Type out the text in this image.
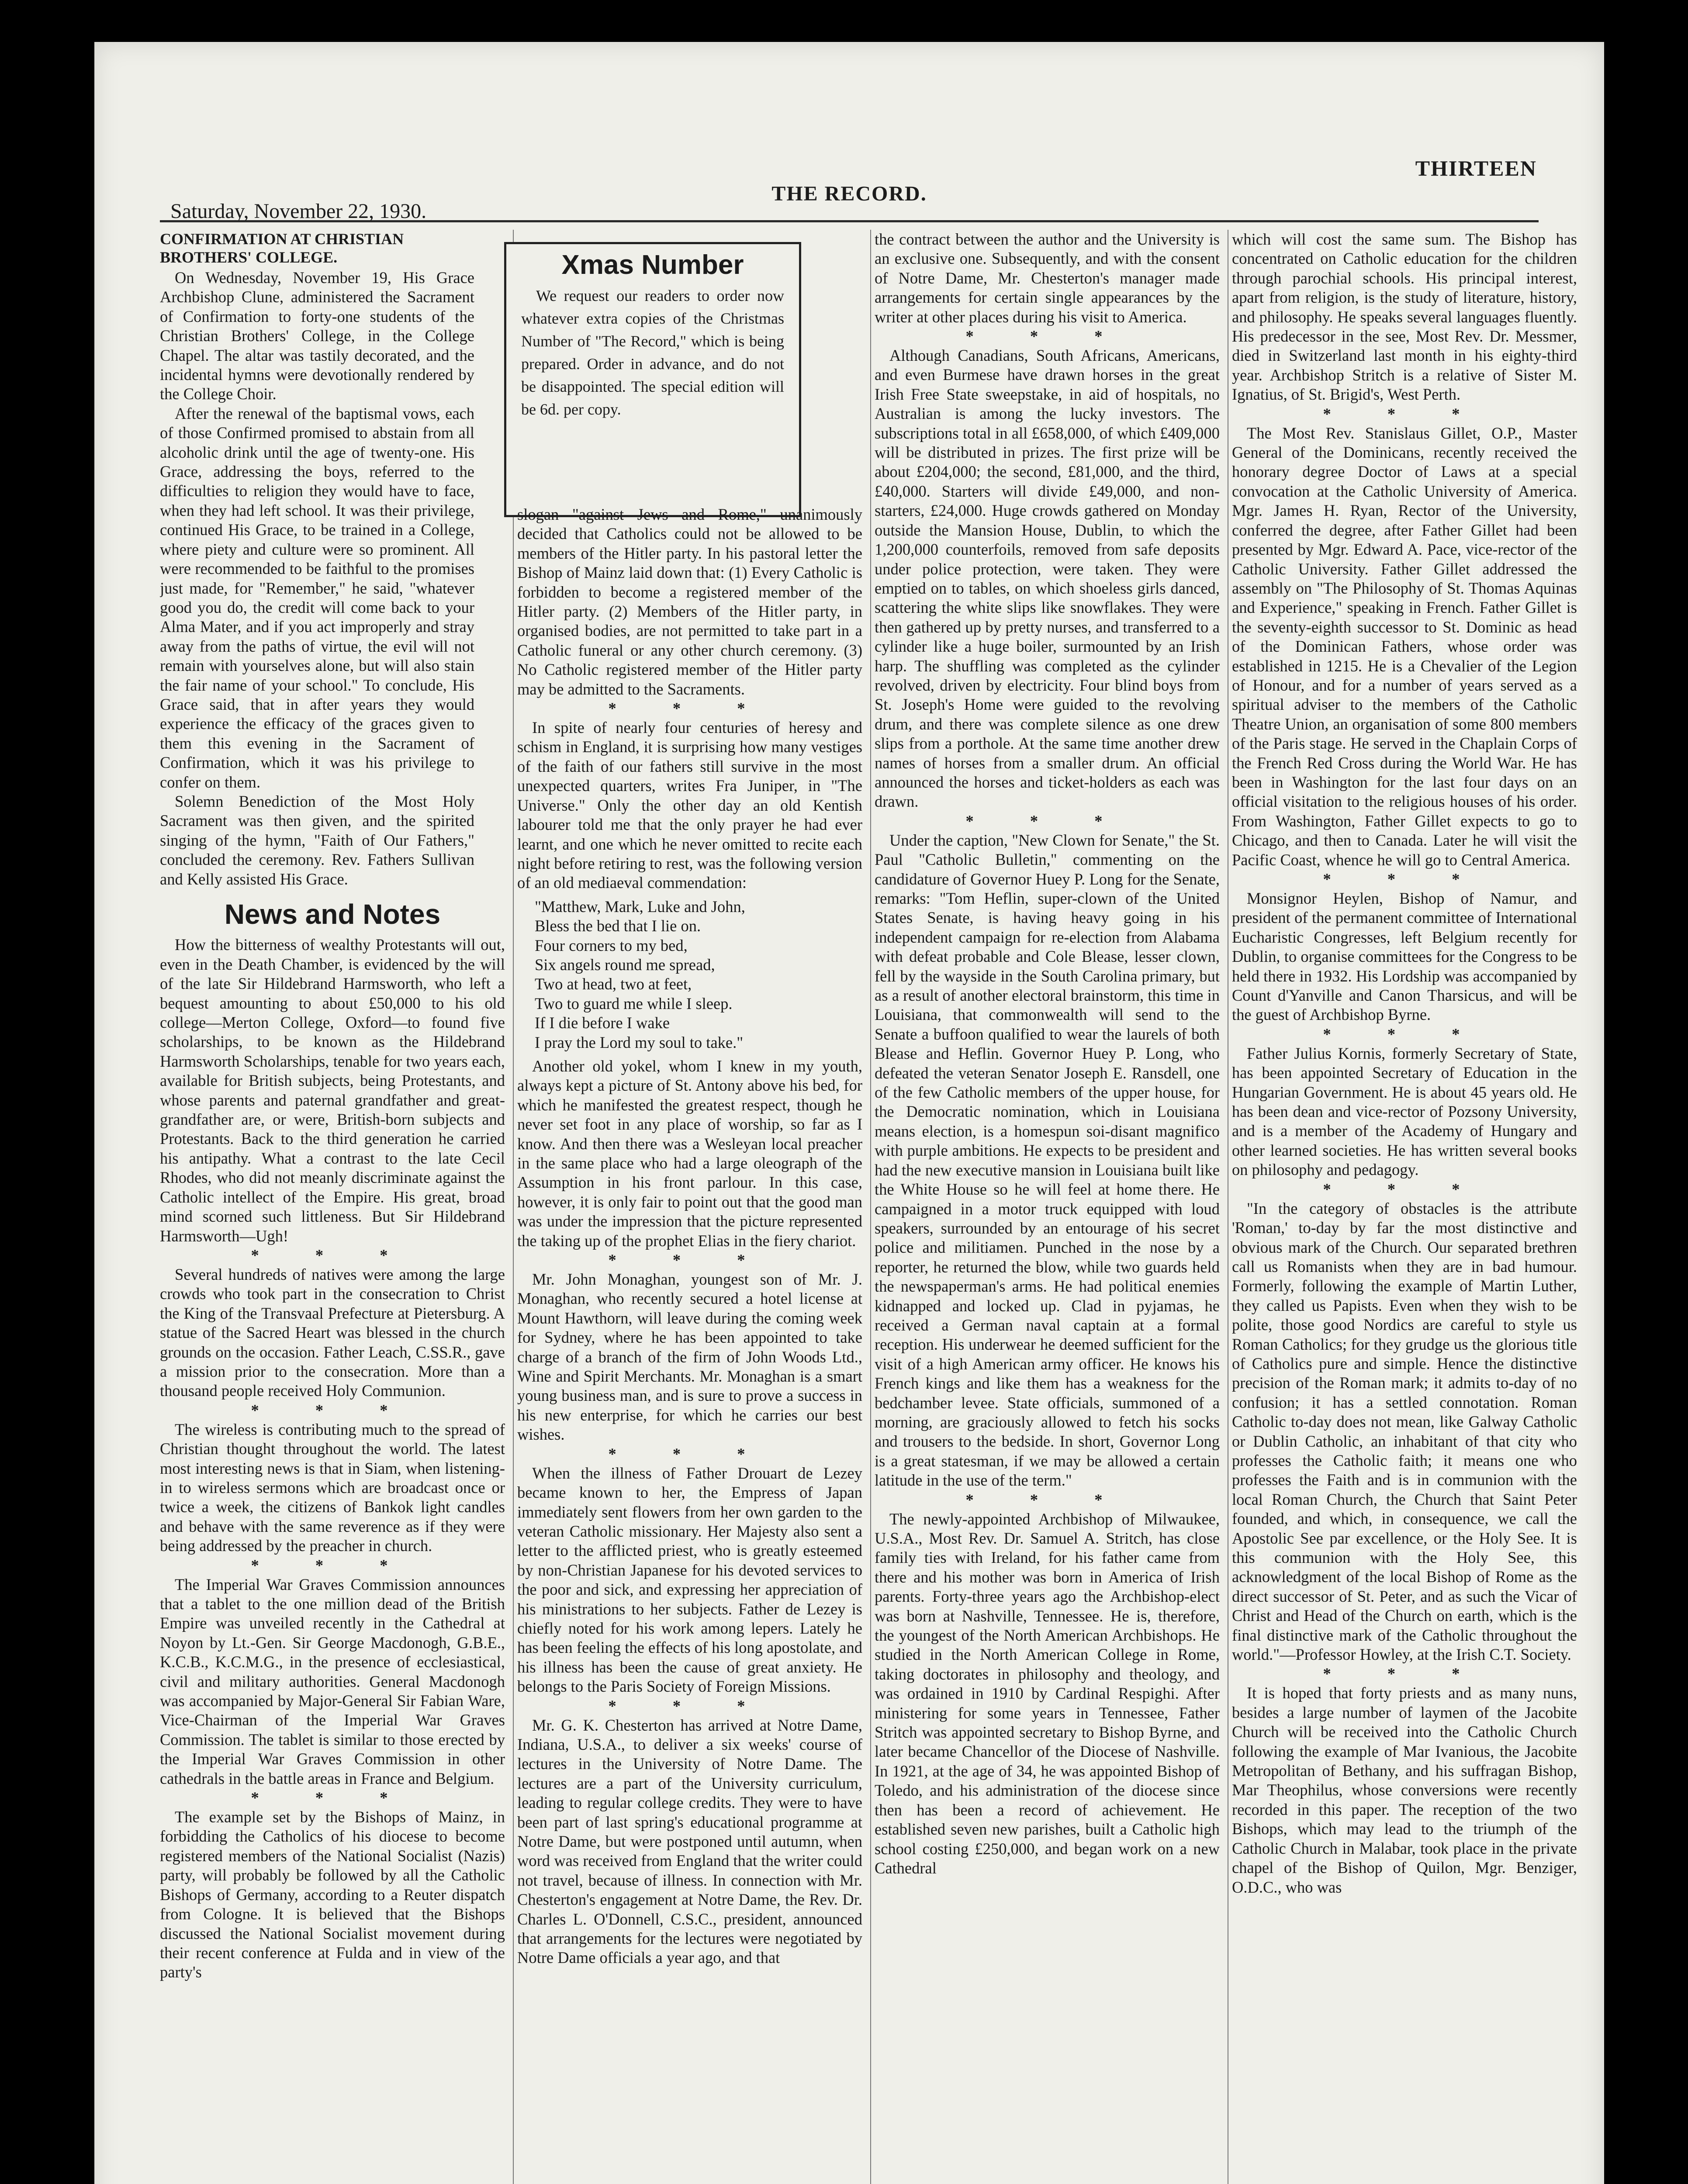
THIRTEEN
THE RECORD.
Saturday, November 22, 1930.
CONFIRMATION AT CHRISTIAN BROTHERS' COLLEGE.

On Wednesday, November 19, His Grace Archbishop Clune, administered the Sacrament of Confirmation to forty-one students of the Christian Brothers' College, in the College Chapel. The altar was tastily decorated, and the incidental hymns were devotionally rendered by the College Choir.

After the renewal of the baptismal vows, each of those Confirmed promised to abstain from all alcoholic drink until the age of twenty-one. His Grace, addressing the boys, referred to the difficulties to religion they would have to face, when they had left school. It was their privilege, continued His Grace, to be trained in a College, where piety and culture were so prominent. All were recommended to be faithful to the promises just made, for "Remember," he said, "whatever good you do, the credit will come back to your Alma Mater, and if you act improperly and stray away from the paths of virtue, the evil will not remain with yourselves alone, but will also stain the fair name of your school." To conclude, His Grace said, that in after years they would experience the efficacy of the graces given to them this evening in the Sacrament of Confirmation, which it was his privilege to confer on them.

Solemn Benediction of the Most Holy Sacrament was then given, and the spirited singing of the hymn, "Faith of Our Fathers," concluded the ceremony. Rev. Fathers Sullivan and Kelly assisted His Grace.

News and Notes

How the bitterness of wealthy Protestants will out, even in the Death Chamber, is evidenced by the will of the late Sir Hildebrand Harmsworth, who left a bequest amounting to about £50,000 to his old college—Merton College, Oxford—to found five scholarships, to be known as the Hildebrand Harmsworth Scholarships, tenable for two years each, available for British subjects, being Protestants, and whose parents and paternal grandfather and great-grandfather are, or were, British-born subjects and Protestants. Back to the third generation he carried his antipathy. What a contrast to the late Cecil Rhodes, who did not meanly discriminate against the Catholic intellect of the Empire. His great, broad mind scorned such littleness. But Sir Hildebrand Harmsworth—Ugh!

* * *

Several hundreds of natives were among the large crowds who took part in the consecration to Christ the King of the Transvaal Prefecture at Pietersburg. A statue of the Sacred Heart was blessed in the church grounds on the occasion. Father Leach, C.SS.R., gave a mission prior to the consecration. More than a thousand people received Holy Communion.

* * *

The wireless is contributing much to the spread of Christian thought throughout the world. The latest most interesting news is that in Siam, when listening-in to wireless sermons which are broadcast once or twice a week, the citizens of Bankok light candles and behave with the same reverence as if they were being addressed by the preacher in church.

* * *

The Imperial War Graves Commission announces that a tablet to the one million dead of the British Empire was unveiled recently in the Cathedral at Noyon by Lt.-Gen. Sir George Macdonogh, G.B.E., K.C.B., K.C.M.G., in the presence of ecclesiastical, civil and military authorities. General Macdonogh was accompanied by Major-General Sir Fabian Ware, Vice-Chairman of the Imperial War Graves Commission. The tablet is similar to those erected by the Imperial War Graves Commission in other cathedrals in the battle areas in France and Belgium.

* * *

The example set by the Bishops of Mainz, in forbidding the Catholics of his diocese to become registered members of the National Socialist (Nazis) party, will probably be followed by all the Catholic Bishops of Germany, according to a Reuter dispatch from Cologne. It is believed that the Bishops discussed the National Socialist movement during their recent conference at Fulda and in view of the party's

Xmas Number
We request our readers to order now whatever extra copies of the Christmas Number of "The Record," which is being prepared. Order in advance, and do not be disappointed. The special edition will be 6d. per copy.

slogan "against Jews and Rome," unanimously decided that Catholics could not be allowed to be members of the Hitler party. In his pastoral letter the Bishop of Mainz laid down that: (1) Every Catholic is forbidden to become a registered member of the Hitler party. (2) Members of the Hitler party, in organised bodies, are not permitted to take part in a Catholic funeral or any other church ceremony. (3) No Catholic registered member of the Hitler party may be admitted to the Sacraments.

* * *

In spite of nearly four centuries of heresy and schism in England, it is surprising how many vestiges of the faith of our fathers still survive in the most unexpected quarters, writes Fra Juniper, in "The Universe." Only the other day an old Kentish labourer told me that the only prayer he had ever learnt, and one which he never omitted to recite each night before retiring to rest, was the following version of an old mediaeval commendation:

"Matthew, Mark, Luke and John,
Bless the bed that I lie on.
Four corners to my bed,
Six angels round me spread,
Two at head, two at feet,
Two to guard me while I sleep.
If I die before I wake
I pray the Lord my soul to take."

Another old yokel, whom I knew in my youth, always kept a picture of St. Antony above his bed, for which he manifested the greatest respect, though he never set foot in any place of worship, so far as I know. And then there was a Wesleyan local preacher in the same place who had a large oleograph of the Assumption in his front parlour. In this case, however, it is only fair to point out that the good man was under the impression that the picture represented the taking up of the prophet Elias in the fiery chariot.

* * *

Mr. John Monaghan, youngest son of Mr. J. Monaghan, who recently secured a hotel license at Mount Hawthorn, will leave during the coming week for Sydney, where he has been appointed to take charge of a branch of the firm of John Woods Ltd., Wine and Spirit Merchants. Mr. Monaghan is a smart young business man, and is sure to prove a success in his new enterprise, for which he carries our best wishes.

* * *

When the illness of Father Drouart de Lezey became known to her, the Empress of Japan immediately sent flowers from her own garden to the veteran Catholic missionary. Her Majesty also sent a letter to the afflicted priest, who is greatly esteemed by non-Christian Japanese for his devoted services to the poor and sick, and expressing her appreciation of his ministrations to her subjects. Father de Lezey is chiefly noted for his work among lepers. Lately he has been feeling the effects of his long apostolate, and his illness has been the cause of great anxiety. He belongs to the Paris Society of Foreign Missions.

* * *

Mr. G. K. Chesterton has arrived at Notre Dame, Indiana, U.S.A., to deliver a six weeks' course of lectures in the University of Notre Dame. The lectures are a part of the University curriculum, leading to regular college credits. They were to have been part of last spring's educational programme at Notre Dame, but were postponed until autumn, when word was received from England that the writer could not travel, because of illness. In connection with Mr. Chesterton's engagement at Notre Dame, the Rev. Dr. Charles L. O'Donnell, C.S.C., president, announced that arrangements for the lectures were negotiated by Notre Dame officials a year ago, and that

the contract between the author and the University is an exclusive one. Subsequently, and with the consent of Notre Dame, Mr. Chesterton's manager made arrangements for certain single appearances by the writer at other places during his visit to America.

* * *

Although Canadians, South Africans, Americans, and even Burmese have drawn horses in the great Irish Free State sweepstake, in aid of hospitals, no Australian is among the lucky investors. The subscriptions total in all £658,000, of which £409,000 will be distributed in prizes. The first prize will be about £204,000; the second, £81,000, and the third, £40,000. Starters will divide £49,000, and non-starters, £24,000. Huge crowds gathered on Monday outside the Mansion House, Dublin, to which the 1,200,000 counterfoils, removed from safe deposits under police protection, were taken. They were emptied on to tables, on which shoeless girls danced, scattering the white slips like snowflakes. They were then gathered up by pretty nurses, and transferred to a cylinder like a huge boiler, surmounted by an Irish harp. The shuffling was completed as the cylinder revolved, driven by electricity. Four blind boys from St. Joseph's Home were guided to the revolving drum, and there was complete silence as one drew slips from a porthole. At the same time another drew names of horses from a smaller drum. An official announced the horses and ticket-holders as each was drawn.

* * *

Under the caption, "New Clown for Senate," the St. Paul "Catholic Bulletin," commenting on the candidature of Governor Huey P. Long for the Senate, remarks: "Tom Heflin, super-clown of the United States Senate, is having heavy going in his independent campaign for re-election from Alabama with defeat probable and Cole Blease, lesser clown, fell by the wayside in the South Carolina primary, but as a result of another electoral brainstorm, this time in Louisiana, that commonwealth will send to the Senate a buffoon qualified to wear the laurels of both Blease and Heflin. Governor Huey P. Long, who defeated the veteran Senator Joseph E. Ransdell, one of the few Catholic members of the upper house, for the Democratic nomination, which in Louisiana means election, is a homespun soi-disant magnifico with purple ambitions. He expects to be president and had the new executive mansion in Louisiana built like the White House so he will feel at home there. He campaigned in a motor truck equipped with loud speakers, surrounded by an entourage of his secret police and militiamen. Punched in the nose by a reporter, he returned the blow, while two guards held the newspaperman's arms. He had political enemies kidnapped and locked up. Clad in pyjamas, he received a German naval captain at a formal reception. His underwear he deemed sufficient for the visit of a high American army officer. He knows his French kings and like them has a weakness for the bedchamber levee. State officials, summoned of a morning, are graciously allowed to fetch his socks and trousers to the bedside. In short, Governor Long is a great statesman, if we may be allowed a certain latitude in the use of the term."

* * *

The newly-appointed Archbishop of Milwaukee, U.S.A., Most Rev. Dr. Samuel A. Stritch, has close family ties with Ireland, for his father came from there and his mother was born in America of Irish parents. Forty-three years ago the Archbishop-elect was born at Nashville, Tennessee. He is, therefore, the youngest of the North American Archbishops. He studied in the North American College in Rome, taking doctorates in philosophy and theology, and was ordained in 1910 by Cardinal Respighi. After ministering for some years in Tennessee, Father Stritch was appointed secretary to Bishop Byrne, and later became Chancellor of the Diocese of Nashville. In 1921, at the age of 34, he was appointed Bishop of Toledo, and his administration of the diocese since then has been a record of achievement. He established seven new parishes, built a Catholic high school costing £250,000, and began work on a new Cathedral

which will cost the same sum. The Bishop has concentrated on Catholic education for the children through parochial schools. His principal interest, apart from religion, is the study of literature, history, and philosophy. He speaks several languages fluently. His predecessor in the see, Most Rev. Dr. Messmer, died in Switzerland last month in his eighty-third year. Archbishop Stritch is a relative of Sister M. Ignatius, of St. Brigid's, West Perth.

* * *

The Most Rev. Stanislaus Gillet, O.P., Master General of the Dominicans, recently received the honorary degree Doctor of Laws at a special convocation at the Catholic University of America. Mgr. James H. Ryan, Rector of the University, conferred the degree, after Father Gillet had been presented by Mgr. Edward A. Pace, vice-rector of the Catholic University. Father Gillet addressed the assembly on "The Philosophy of St. Thomas Aquinas and Experience," speaking in French. Father Gillet is the seventy-eighth successor to St. Dominic as head of the Dominican Fathers, whose order was established in 1215. He is a Chevalier of the Legion of Honour, and for a number of years served as a spiritual adviser to the members of the Catholic Theatre Union, an organisation of some 800 members of the Paris stage. He served in the Chaplain Corps of the French Red Cross during the World War. He has been in Washington for the last four days on an official visitation to the religious houses of his order. From Washington, Father Gillet expects to go to Chicago, and then to Canada. Later he will visit the Pacific Coast, whence he will go to Central America.

* * *

Monsignor Heylen, Bishop of Namur, and president of the permanent committee of International Eucharistic Congresses, left Belgium recently for Dublin, to organise committees for the Congress to be held there in 1932. His Lordship was accompanied by Count d'Yanville and Canon Tharsicus, and will be the guest of Archbishop Byrne.

* * *

Father Julius Kornis, formerly Secretary of State, has been appointed Secretary of Education in the Hungarian Government. He is about 45 years old. He has been dean and vice-rector of Pozsony University, and is a member of the Academy of Hungary and other learned societies. He has written several books on philosophy and pedagogy.

* * *

"In the category of obstacles is the attribute 'Roman,' to-day by far the most distinctive and obvious mark of the Church. Our separated brethren call us Romanists when they are in bad humour. Formerly, following the example of Martin Luther, they called us Papists. Even when they wish to be polite, those good Nordics are careful to style us Roman Catholics; for they grudge us the glorious title of Catholics pure and simple. Hence the distinctive precision of the Roman mark; it admits to-day of no confusion; it has a settled connotation. Roman Catholic to-day does not mean, like Galway Catholic or Dublin Catholic, an inhabitant of that city who professes the Catholic faith; it means one who professes the Faith and is in communion with the local Roman Church, the Church that Saint Peter founded, and which, in consequence, we call the Apostolic See par excellence, or the Holy See. It is this communion with the Holy See, this acknowledgment of the local Bishop of Rome as the direct successor of St. Peter, and as such the Vicar of Christ and Head of the Church on earth, which is the final distinctive mark of the Catholic throughout the world."—Professor Howley, at the Irish C.T. Society.

* * *

It is hoped that forty priests and as many nuns, besides a large number of laymen of the Jacobite Church will be received into the Catholic Church following the example of Mar Ivanious, the Jacobite Metropolitan of Bethany, and his suffragan Bishop, Mar Theophilus, whose conversions were recently recorded in this paper. The reception of the two Bishops, which may lead to the triumph of the Catholic Church in Malabar, took place in the private chapel of the Bishop of Quilon, Mgr. Benziger, O.D.C., who was
